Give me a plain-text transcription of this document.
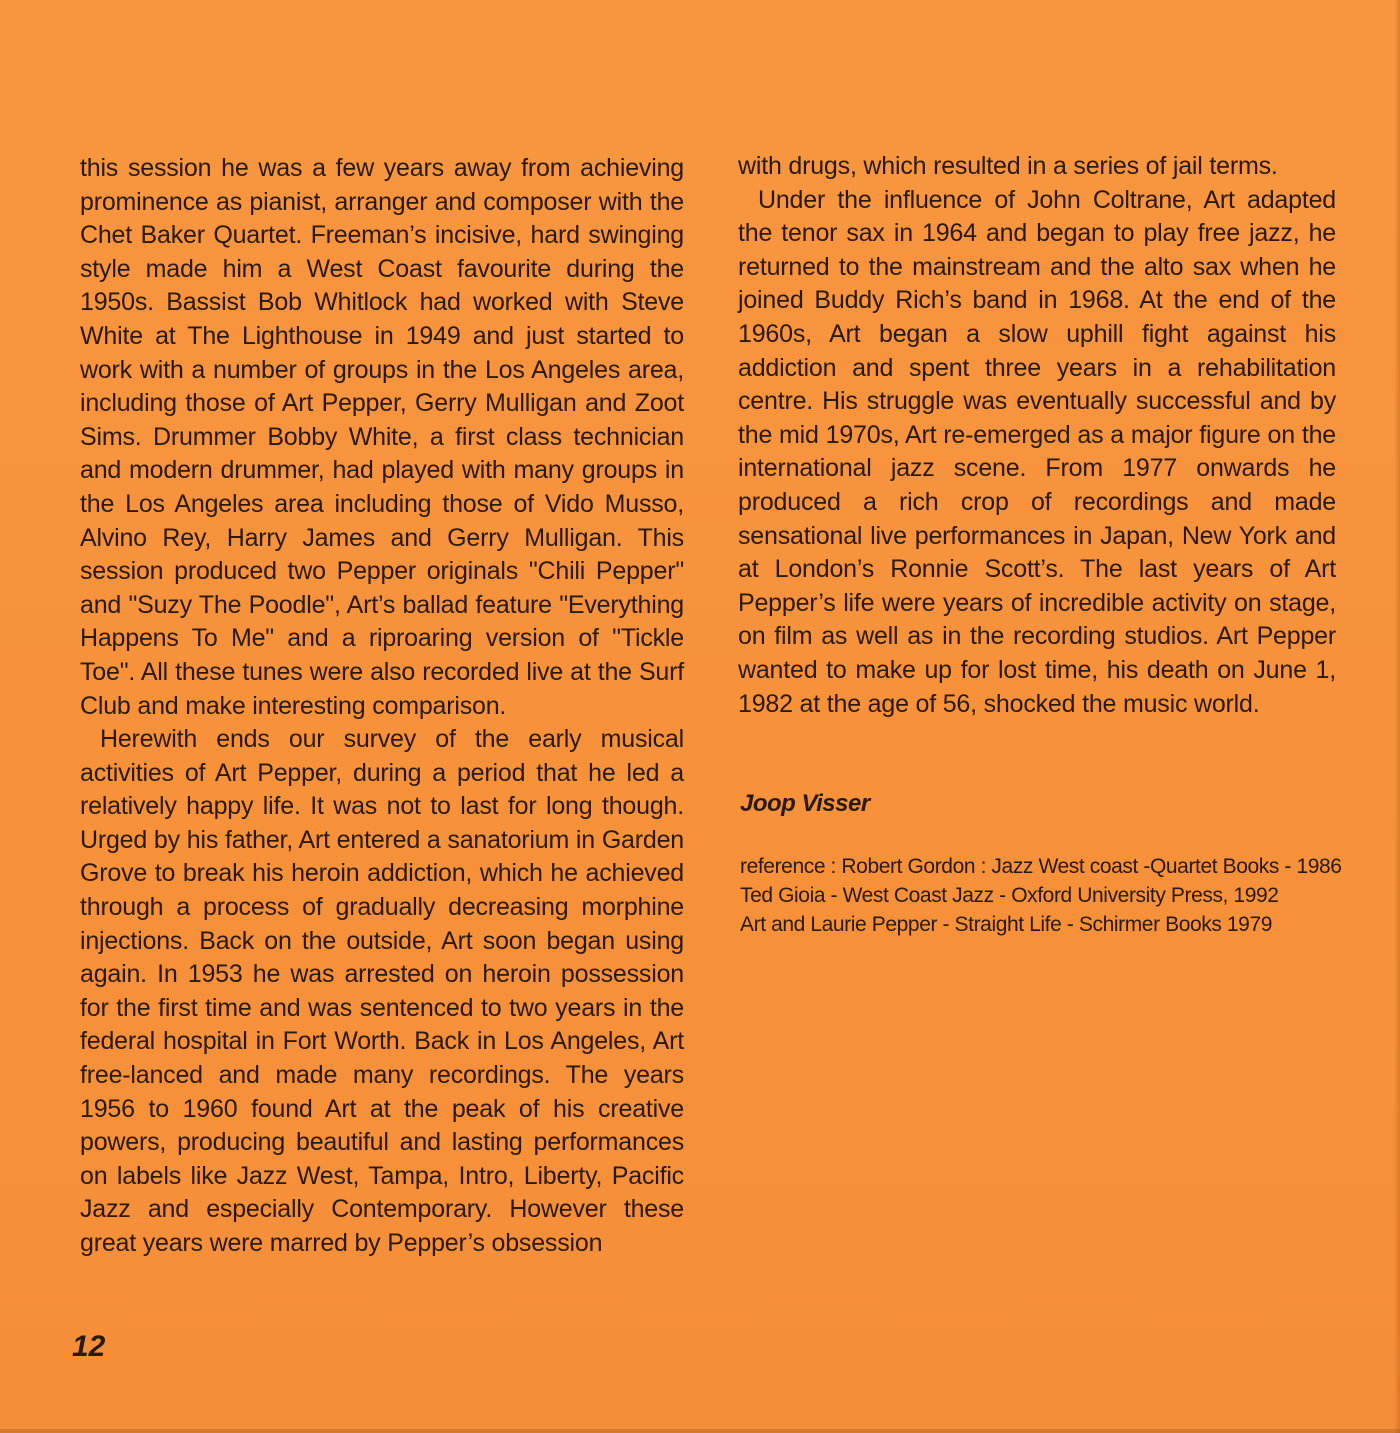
this session he was a few years away from achieving prominence as pianist, arranger and composer with the Chet Baker Quartet. Freeman’s incisive, hard swinging style made him a West Coast favourite during the 1950s. Bassist Bob Whitlock had worked with Steve White at The Lighthouse in 1949 and just started to work with a number of groups in the Los Angeles area, including those of Art Pepper, Gerry Mulligan and Zoot Sims. Drummer Bobby White, a first class technician and modern drummer, had played with many groups in the Los Angeles area including those of Vido Musso, Alvino Rey, Harry James and Gerry Mulligan. This session produced two Pepper originals "Chili Pepper" and "Suzy The Poodle", Art’s ballad feature "Everything Happens To Me" and a riproaring version of "Tickle Toe". All these tunes were also recorded live at the Surf Club and make interesting comparison.

Herewith ends our survey of the early musical activities of Art Pepper, during a period that he led a relatively happy life. It was not to last for long though. Urged by his father, Art entered a sanatorium in Garden Grove to break his heroin addiction, which he achieved through a process of gradually decreasing morphine injections. Back on the outside, Art soon began using again. In 1953 he was arrested on heroin possession for the first time and was sentenced to two years in the federal hospital in Fort Worth. Back in Los Angeles, Art free-lanced and made many recordings. The years 1956 to 1960 found Art at the peak of his creative powers, producing beautiful and lasting performances on labels like Jazz West, Tampa, Intro, Liberty, Pacific Jazz and especially Contemporary. However these great years were marred by Pepper’s obsession

with drugs, which resulted in a series of jail terms.

Under the influence of John Coltrane, Art adapted the tenor sax in 1964 and began to play free jazz, he returned to the mainstream and the alto sax when he joined Buddy Rich’s band in 1968. At the end of the 1960s, Art began a slow uphill fight against his addiction and spent three years in a rehabilitation centre. His struggle was eventually successful and by the mid 1970s, Art re-emerged as a major figure on the international jazz scene. From 1977 onwards he produced a rich crop of recordings and made sensational live performances in Japan, New York and at London’s Ronnie Scott’s. The last years of Art Pepper’s life were years of incredible activity on stage, on film as well as in the recording studios. Art Pepper wanted to make up for lost time, his death on June 1, 1982 at the age of 56, shocked the music world.

Joop Visser
reference : Robert Gordon : Jazz West coast -Quartet Books - 1986
Ted Gioia - West Coast Jazz - Oxford University Press, 1992
Art and Laurie Pepper - Straight Life - Schirmer Books 1979
12
